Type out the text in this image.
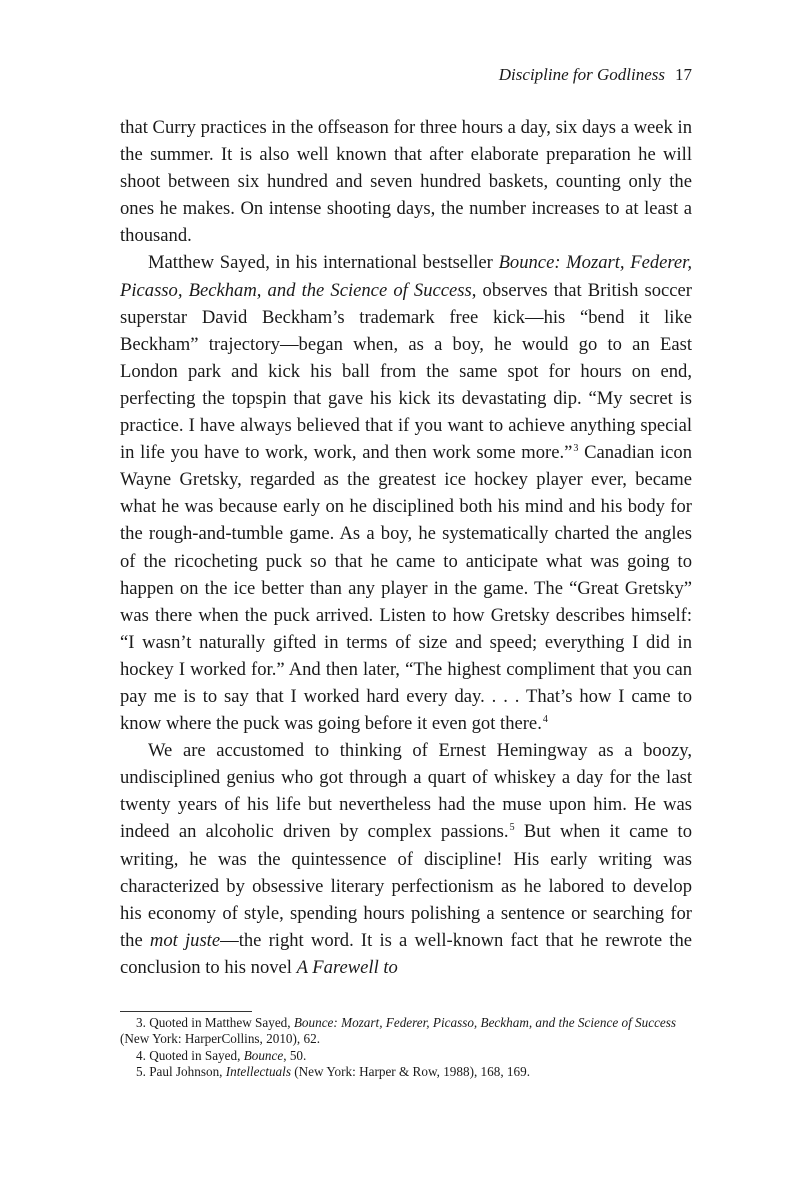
Discipline for Godliness 17

that Curry practices in the offseason for three hours a day, six days a week in the summer. It is also well known that after elaborate preparation he will shoot between six hundred and seven hundred baskets, counting only the ones he makes. On intense shooting days, the number increases to at least a thousand.

Matthew Sayed, in his international bestseller Bounce: Mozart, Federer, Picasso, Beckham, and the Science of Success, observes that British soccer superstar David Beckham’s trademark free kick—his “bend it like Beckham” trajectory—began when, as a boy, he would go to an East London park and kick his ball from the same spot for hours on end, perfecting the topspin that gave his kick its devastating dip. “My secret is practice. I have always believed that if you want to achieve anything special in life you have to work, work, and then work some more.”$^3$ Canadian icon Wayne Gretsky, regarded as the greatest ice hockey player ever, became what he was because early on he disciplined both his mind and his body for the rough-and-tumble game. As a boy, he systematically charted the angles of the ricocheting puck so that he came to anticipate what was going to happen on the ice better than any player in the game. The “Great Gretsky” was there when the puck arrived. Listen to how Gretsky describes himself: “I wasn’t naturally gifted in terms of size and speed; everything I did in hockey I worked for.” And then later, “The highest compliment that you can pay me is to say that I worked hard every day. . . . That’s how I came to know where the puck was going before it even got there.$^4$

We are accustomed to thinking of Ernest Hemingway as a boozy, undisciplined genius who got through a quart of whiskey a day for the last twenty years of his life but nevertheless had the muse upon him. He was indeed an alcoholic driven by complex passions.$^5$ But when it came to writing, he was the quintessence of discipline! His early writing was characterized by obsessive literary perfectionism as he labored to develop his economy of style, spending hours polishing a sentence or searching for the mot juste—the right word. It is a well-known fact that he rewrote the conclusion to his novel A Farewell to

3. Quoted in Matthew Sayed, Bounce: Mozart, Federer, Picasso, Beckham, and the Science of Success (New York: HarperCollins, 2010), 62.

4. Quoted in Sayed, Bounce, 50.

5. Paul Johnson, Intellectuals (New York: Harper & Row, 1988), 168, 169.
